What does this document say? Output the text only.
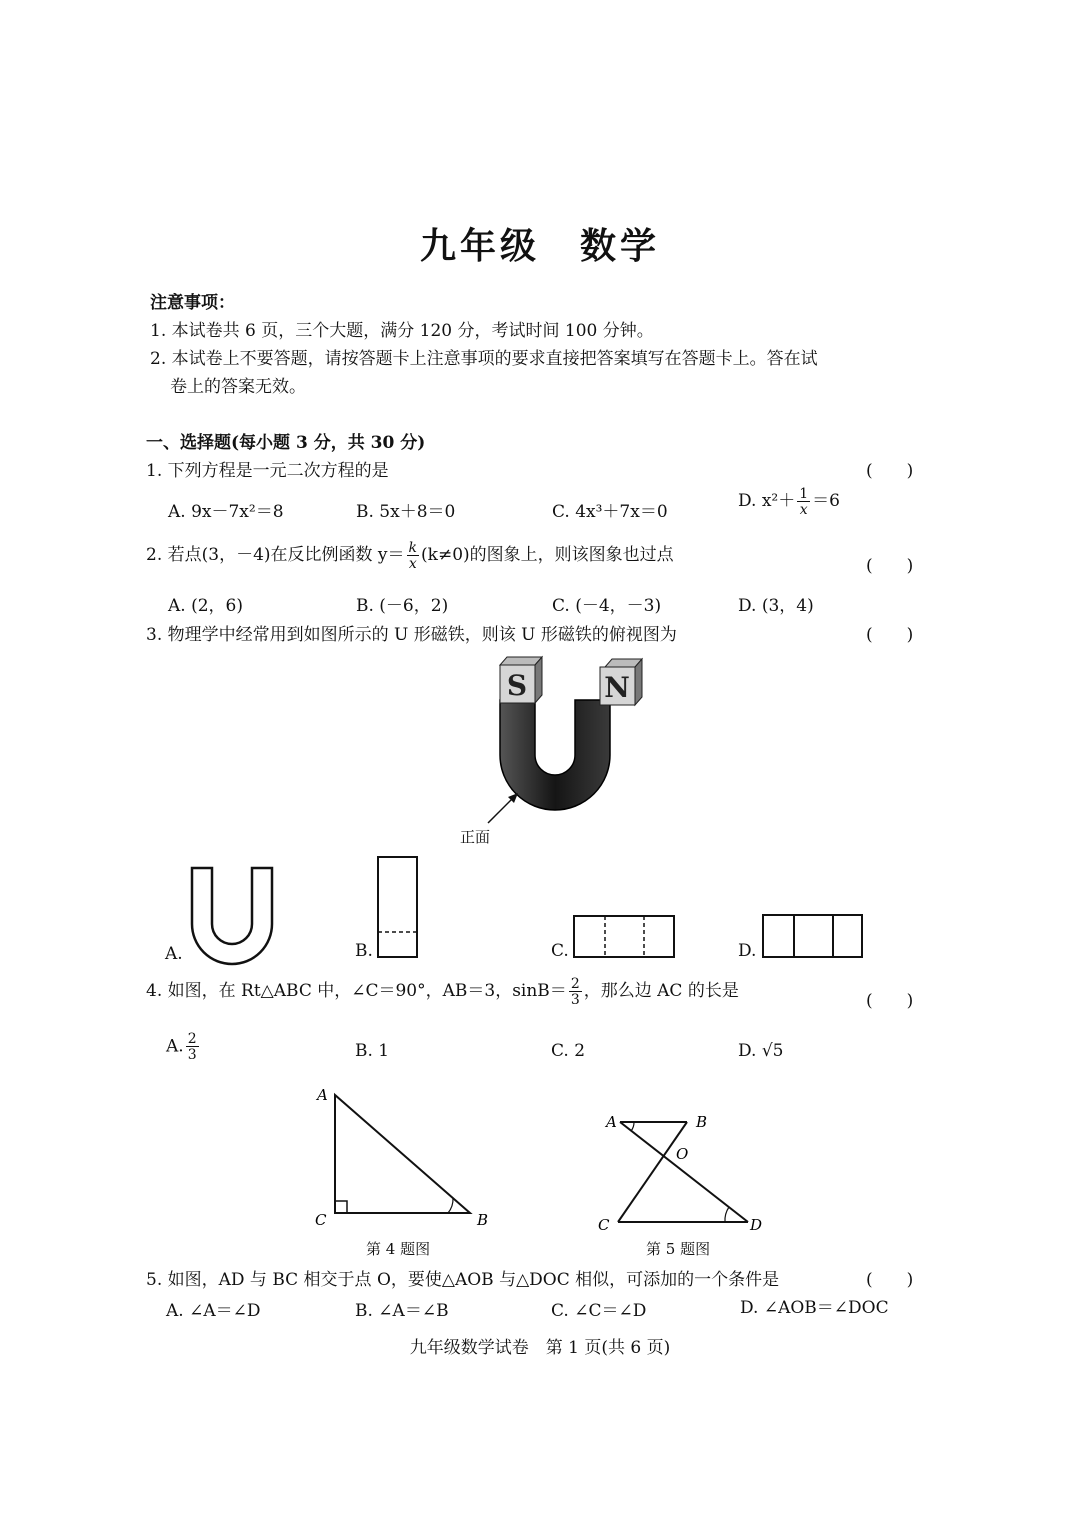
九年级 数学
注意事项：
1. 本试卷共 6 页，三个大题，满分 120 分，考试时间 100 分钟。
2. 本试卷上不要答题，请按答题卡上注意事项的要求直接把答案填写在答题卡上。答在试
卷上的答案无效。
一、选择题(每小题 3 分，共 30 分)
1. 下列方程是一元二次方程的是	(　　)
A. 9x－7x²＝8	B. 5x＋8＝0	C. 4x³＋7x＝0
D. $x^2+ \frac{1}{x} =6$
2. 若点(3，－4)在反比例函数 $y= \frac{k}{x} (k\ne 0)$的图象上，则该图象也过点
(　　)
A. (2，6)	B. (－6，2)	C. (－4，－3)	D. (3，4)
3. 物理学中经常用到如图所示的 U 形磁铁，则该 U 形磁铁的俯视图为	(　　)
S	N
正面
A.	B.	C.	D.
4. 如图，在 Rt△ABC 中，∠C＝90°，AB＝3，$\sin B= \frac{2}{3}$ ，那么边 AC 的长是	(　　)
A. $\frac{2}{3}$	B. 1	C. 2	D. √5
A
C	B
第 4 题图
A	B
O
C	D
第 5 题图
5. 如图，AD 与 BC 相交于点 O，要使△AOB 与△DOC 相似，可添加的一个条件是	(　　)
A. ∠A＝∠D	B. ∠A＝∠B	C. ∠C＝∠D	D. ∠AOB＝∠DOC
九年级数学试卷　第 1 页(共 6 页)
